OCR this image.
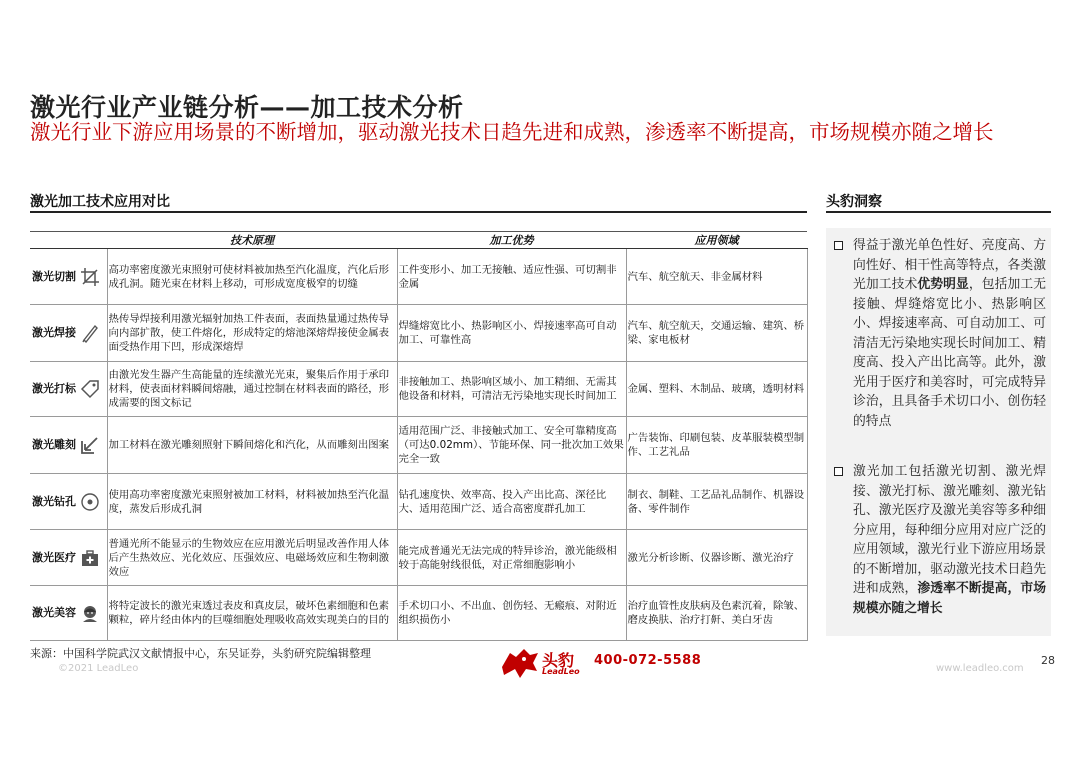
激光行业产业链分析——加工技术分析
激光行业下游应用场景的不断增加，驱动激光技术日趋先进和成熟，渗透率不断提高，市场规模亦随之增长
激光加工技术应用对比	头豹洞察
	技术原理	加工优势	应用领域
激光切割	高功率密度激光束照射可使材料被加热至汽化温度，汽化后形成孔洞。随光束在材料上移动，可形成宽度极窄的切缝	工件变形小、加工无接触、适应性强、可切割非金属	汽车、航空航天、非金属材料
激光焊接	热传导焊接利用激光辐射加热工件表面，表面热量通过热传导向内部扩散，使工件熔化，形成特定的熔池深熔焊接使金属表面受热作用下凹，形成深熔焊	焊缝熔宽比小、热影响区小、焊接速率高可自动加工、可靠性高	汽车、航空航天，交通运输、建筑、桥梁、家电板材
激光打标	由激光发生器产生高能量的连续激光光束，聚集后作用于承印材料，使表面材料瞬间熔融，通过控制在材料表面的路径，形成需要的图文标记	非接触加工、热影响区域小、加工精细、无需其他设备和材料，可清洁无污染地实现长时间加工	金属、塑料、木制品、玻璃，透明材料
激光雕刻	加工材料在激光雕刻照射下瞬间熔化和汽化，从而雕刻出图案	适用范围广泛、非接触式加工、安全可靠精度高（可达0.02mm）、节能环保、同一批次加工效果完全一致	广告装饰、印刷包装、皮革服装模型制作、工艺礼品
激光钻孔	使用高功率密度激光束照射被加工材料，材料被加热至汽化温度，蒸发后形成孔洞	钻孔速度快、效率高、投入产出比高、深径比大、适用范围广泛、适合高密度群孔加工	制衣、制鞋、工艺品礼品制作、机器设备、零件制作
激光医疗	普通光所不能显示的生物效应在应用激光后明显改善作用人体后产生热效应、光化效应、压强效应、电磁场效应和生物刺激效应	能完成普通光无法完成的特异诊治，激光能级相较于高能射线很低，对正常细胞影响小	激光分析诊断、仪器诊断、激光治疗
激光美容	将特定波长的激光束透过表皮和真皮层，破坏色素细胞和色素颗粒，碎片经由体内的巨噬细胞处理吸收高效实现美白的目的	手术切口小、不出血、创伤轻、无瘢痕、对附近组织损伤小	治疗血管性皮肤病及色素沉着，除皱、磨皮换肤、治疗打鼾、美白牙齿
得益于激光单色性好、亮度高、方向性好、相干性高等特点，各类激光加工技术优势明显，包括加工无接触、焊缝熔宽比小、热影响区小、焊接速率高、可自动加工、可清洁无污染地实现长时间加工、精度高、投入产出比高等。此外，激光用于医疗和美容时，可完成特异诊治，且具备手术切口小、创伤轻的特点
激光加工包括激光切割、激光焊接、激光打标、激光雕刻、激光钻孔、激光医疗及激光美容等多种细分应用，每种细分应用对应广泛的应用领域，激光行业下游应用场景的不断增加，驱动激光技术日趋先进和成熟，渗透率不断提高，市场规模亦随之增长
来源：中国科学院武汉文献情报中心，东吴证券，头豹研究院编辑整理
©2021 LeadLeo	头豹
LeadLeo
400-072-5588
www.leadleo.com
28
